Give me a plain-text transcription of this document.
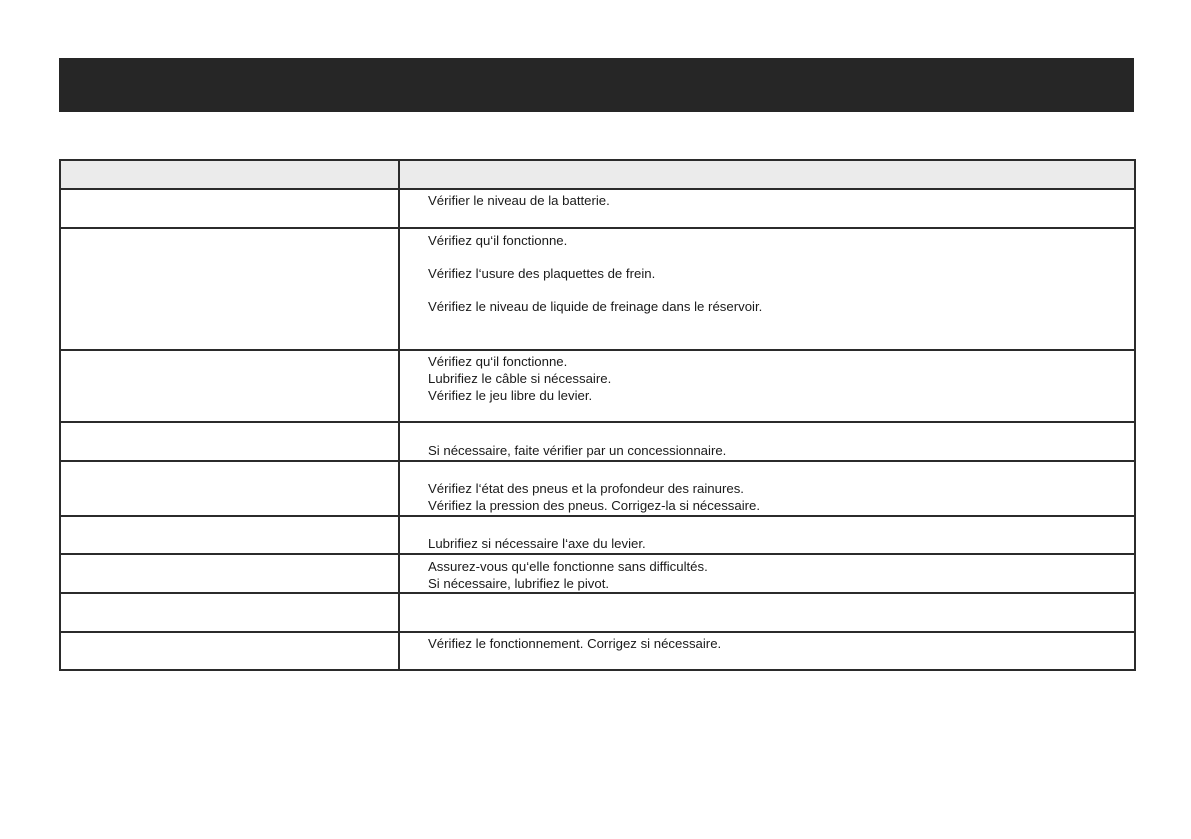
	Vérifier le niveau de la batterie.

	Vérifiez qu‘il fonctionne.
Vérifiez l‘usure des plaquettes de frein.
Vérifiez le niveau de liquide de freinage dans le réservoir.

	Vérifiez qu‘il fonctionne.
Lubrifiez le câble si nécessaire.
Vérifiez le jeu libre du levier.

	Si nécessaire, faite vérifier par un concessionnaire.

	Vérifiez l‘état des pneus et la profondeur des rainures.
Vérifiez la pression des pneus. Corrigez-la si nécessaire.

	Lubrifiez si nécessaire l‘axe du levier.

	Assurez-vous qu‘elle fonctionne sans difficultés.
Si nécessaire, lubrifiez le pivot.

	Vérifiez le fonctionnement. Corrigez si nécessaire.
